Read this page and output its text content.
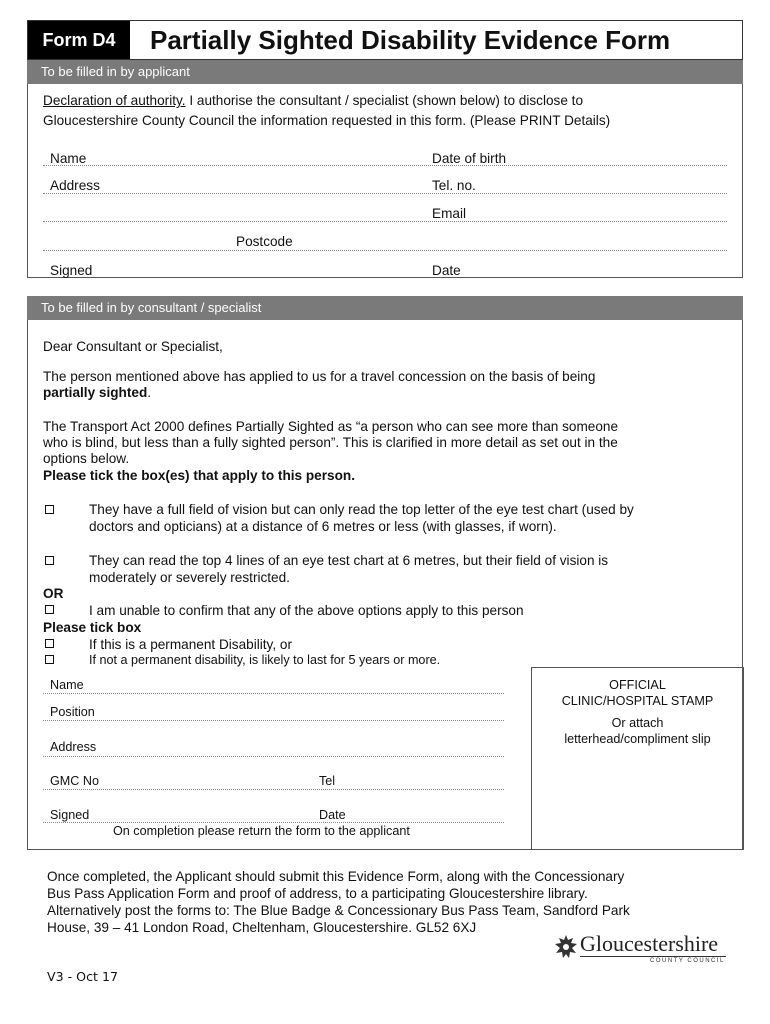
Form D4	Partially Sighted Disability Evidence Form
To be filled in by applicant
Declaration of authority. I authorise the consultant / specialist (shown below) to disclose to
Gloucestershire County Council the information requested in this form. (Please PRINT Details)
Name	Date of birth
Address	Tel. no.
Email
Postcode
Signed	Date
To be filled in by consultant / specialist
Dear Consultant or Specialist,
The person mentioned above has applied to us for a travel concession on the basis of being
partially sighted.
The Transport Act 2000 defines Partially Sighted as “a person who can see more than someone
who is blind, but less than a fully sighted person”. This is clarified in more detail as set out in the
options below.
Please tick the box(es) that apply to this person.
They have a full field of vision but can only read the top letter of the eye test chart (used by
doctors and opticians) at a distance of 6 metres or less (with glasses, if worn).
They can read the top 4 lines of an eye test chart at 6 metres, but their field of vision is
moderately or severely restricted.
OR
I am unable to confirm that any of the above options apply to this person
Please tick box
If this is a permanent Disability, or
If not a permanent disability, is likely to last for 5 years or more.
OFFICIAL
CLINIC/HOSPITAL STAMP
Or attach
letterhead/compliment slip
Name
Position
Address
GMC No	Tel
Signed	Date
On completion please return the form to the applicant
Once completed, the Applicant should submit this Evidence Form, along with the Concessionary
Bus Pass Application Form and proof of address, to a participating Gloucestershire library.
Alternatively post the forms to: The Blue Badge & Concessionary Bus Pass Team, Sandford Park
House, 39 – 41 London Road, Cheltenham, Gloucestershire. GL52 6XJ
V3 - Oct 17
Gloucestershire
COUNTY COUNCIL
